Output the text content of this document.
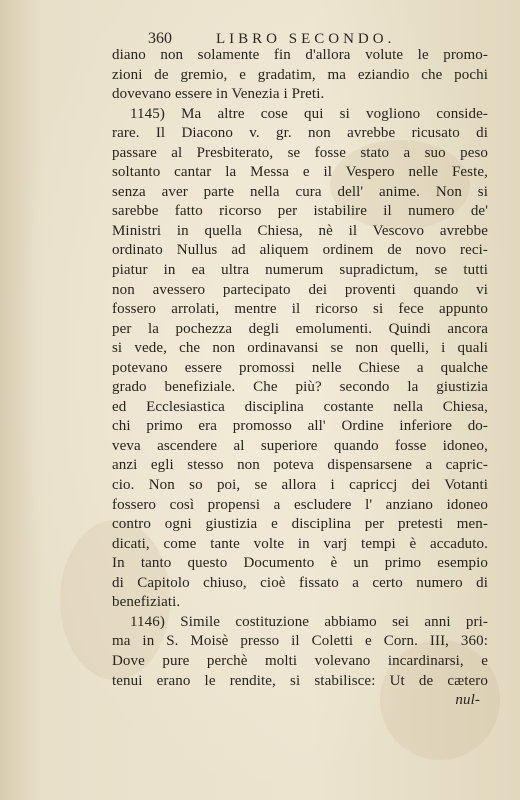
360	LIBRO SECONDO.
diano non solamente fin d'allora volute le promo-
zioni de gremio, e gradatim, ma eziandio che pochi
dovevano essere in Venezia i Preti.
1145) Ma altre cose qui si vogliono conside-
rare. Il Diacono v. gr. non avrebbe ricusato di
passare al Presbiterato, se fosse stato a suo peso
soltanto cantar la Messa e il Vespero nelle Feste,
senza aver parte nella cura dell' anime. Non si
sarebbe fatto ricorso per istabilire il numero de'
Ministri in quella Chiesa, nè il Vescovo avrebbe
ordinato Nullus ad aliquem ordinem de novo reci-
piatur in ea ultra numerum supradictum, se tutti
non avessero partecipato dei proventi quando vi
fossero arrolati, mentre il ricorso si fece appunto
per la pochezza degli emolumenti. Quindi ancora
si vede, che non ordinavansi se non quelli, i quali
potevano essere promossi nelle Chiese a qualche
grado benefiziale. Che più? secondo la giustizia
ed Ecclesiastica disciplina costante nella Chiesa,
chi primo era promosso all' Ordine inferiore do-
veva ascendere al superiore quando fosse idoneo,
anzi egli stesso non poteva dispensarsene a capric-
cio. Non so poi, se allora i capriccj dei Votanti
fossero così propensi a escludere l' anziano idoneo
contro ogni giustizia e disciplina per pretesti men-
dicati, come tante volte in varj tempi è accaduto.
In tanto questo Documento è un primo esempio
di Capitolo chiuso, cioè fissato a certo numero di
benefiziati.
1146) Simile costituzione abbiamo sei anni pri-
ma in S. Moisè presso il Coletti e Corn. III, 360:
Dove pure perchè molti volevano incardinarsi, e
tenui erano le rendite, si stabilisce: Ut de cætero
nul-
